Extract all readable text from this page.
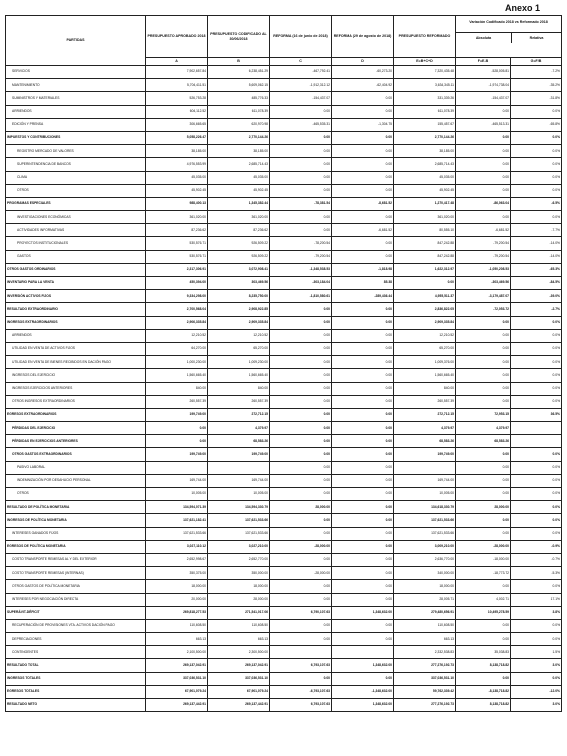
Anexo 1
PARTIDAS	PRESUPUESTO APROBADO 2018	PRESUPUESTO CODIFICADO AL 30/06/2018	REFORMA (16 de junio de 2018)	REFORMA (29 de agosto de 2018)	PRESUPUESTO REFORMADO	Variación Codificado 2018 vs Reformado 2018
Absoluta Relativa	

	A	B	C	D	E=B+C+D	F=E-B	G=F/B
SERVICIOS	7,902,657.84	6,238,451.29	-467,792.41	-60,273.20	7,320,435.48	-528,005.81	-7.2%
MANTENIMIENTO	5,704,411.51	5,609,062.15	-1,912,312.12	-62,404.92	3,634,345.11	-1,974,738.04	-35.2%
SUMINISTROS Y MATERIALES	526,753.28	485,776.33	-154,437.07	0.00	331,339.26	-154,437.07	-31.8%
ARRIENDOS	604,112.52	611,078.39	0.00	0.00	611,078.39	0.00	0.0%
EDICIÓN Y PRENSA	306,665.65	620,970.98	-465,535.31	-1,304.75	155,457.67	-465,513.31	-65.8%
IMPUESTOS Y CONTRIBUCIONES	5,058,226.47	2,770,144.26	0.00	0.00	2,770,144.26	0.00	0.0%
REGISTRO MERCADO DE VALORES	38,185.00	38,185.00	0.00	0.00	38,185.00	0.00	0.0%
SUPERINTENDENCIA DE BANCOS	4,976,553.99	2,685,714.43	0.00	0.00	2,685,714.43	0.00	0.0%
CLIMA	45,035.00	45,035.00	0.00	0.00	45,035.00	0.00	0.0%
OTROS	45,902.45	45,902.45	0.00	0.00	45,902.45	0.00	0.0%
PROGRAMAS ESPECIALES	988,400.13	1,345,382.44	-78,381.54	-8,681.52	1,270,417.48	-86,063.04	-6.5%
INVESTIGACIONES ECONÓMICAS	361,020.00	361,020.00	0.00	0.00	361,020.00	0.00	0.0%
ACTIVIDADES INFORMATIVAS	87,236.62	87,236.62	0.00	-6,681.52	80,555.10	-6,681.52	-7.7%
PROYECTOS INSTITUCIONALES	530,576.71	926,509.22	-78,200.54	0.00	847,242.88	-79,200.54	-14.0%
GASTOS	530,576.71	926,509.22	-79,200.54	0.00	847,242.88	-79,200.54	-14.0%
OTROS GASTOS ORDINARIOS	2,317,306.91	3,072,908.41	-1,348,538.53	-1,818.98	1,622,312.97	-1,050,208.53	-65.3%
INVENTARIO PARA LA VENTA	450,394.00	303,469.56	-303,184.04	85.38	0.00	-303,469.56	-84.5%
INVERSIÓN ACTIVOS FIJOS	9,334,298.00	8,235,750.00	-1,810,580.61	-289,436.44	4,955,511.37	-3,179,487.07	-39.0%
RESULTADO EXTRAORDINARIO	2,700,568.04	2,908,922.85	0.00	0.00	2,836,822.05	-72,053.72	-2.7%
INGRESOS EXTRAORDINARIOS	2,906,335.84	2,909,335.84	0.00	0.00	2,909,335.84	0.00	0.0%
ARRIENDOS	12,210.52	12,210.52	0.00	0.00	12,210.52	0.00	0.0%
UTILIDAD EN VENTA DE ACTIVOS FIJOS	64,270.00	65,270.00	0.00	0.00	65,270.00	0.00	0.0%
UTILIDAD EN VENTA DE BIENES RECIBIDOS EN DACIÓN PAGO	1,000,230.00	1,009,230.00	0.00	0.00	1,009,376.00	0.00	0.0%
INGRESOS DEL EJERCICIO	1,560,665.40	1,560,665.40	0.00	0.00	1,560,665.40	0.00	0.0%
INGRESOS EJERCICIOS ANTERIORES	840.00	840.00	0.00	0.00	840.00	0.00	0.0%
OTROS INGRESOS EXTRAORDINARIOS	260,557.39	260,557.39	0.00	0.00	260,557.39	0.00	0.0%
EGRESOS EXTRAORDINARIOS	199,749.00	272,712.15	0.00	0.00	272,712.15	72,953.15	36.5%
PÉRDIDAS DEL EJERCICIO	0.00	4,379.97	0.00	0.00	4,379.97	4,379.97	
PÉRDIDAS EN EJERCICIOS ANTERIORES	0.00	68,583.26	0.00	0.00	68,583.26	68,583.26	
OTROS GASTOS EXTRAORDINARIOS	199,749.00	199,749.00	0.00	0.00	199,749.00	0.00	0.0%
PASIVO LABORAL			0.00	0.00		0.00	0.0%
INDEMNIZACIÓN POR DESAHUCIO PERSONAL	169,744.00	169,744.00	0.00	0.00	169,744.00	0.00	0.0%
OTROS	10,005.00	10,005.00	0.00	0.00	10,005.00	0.00	0.0%
RESULTADO DE POLÍTICA MONETARIA	134,594,071.39	134,594,330.79	28,000.00	0.00	134,618,330.79	28,000.00	0.0%
INGRESOS DE POLÍTICA MONETARIA	137,621,182.41	137,621,533.66	0.00	0.00	137,621,533.66	0.00	0.0%
INTERESES GANADOS FIJOS	137,621,533.66	137,621,533.66	0.00	0.00	137,621,533.66	0.00	0.0%
EGRESOS DE POLÍTICA MONETARIA	3,027,110.12	3,027,210.00	-28,000.00	0.00	3,009,210.00	-28,000.00	-0.9%
COSTO TRANSPORTE REMESAS AL Y DEL EXTERIOR	2,652,998.67	2,652,770.00	0.00	0.00	2,636,770.00	-18,000.00	-0.7%
COSTO TRANSPORTE REMESAS (INTERNAS)	350,375.00	350,000.00	-28,000.00	0.00	340,000.00	-18,773.72	-5.3%
OTROS GASTOS DE POLÍTICA MONETARIA	18,000.00	18,000.00	0.00	0.00	18,000.00	0.00	0.0%
INTERESES POR NEGOCIACIÓN DIRECTA	20,000.00	28,000.00	0.00	0.00	28,005.71	4,002.71	17.1%
SUPERÁVIT-DÉFICIT	269,818,277.53	271,541,017.06	6,790,107.63	1,348,632.00	279,480,656.91	10,495,278.59	3.8%
RECUPERACIÓN DE PROVISIONES VTA. ACTIVOS DACIÓN PAGO	110,608.50	110,608.50	0.00	0.00	110,608.50	0.00	0.0%
DEPRECIACIONES	663.13	663.13	0.00	0.00	663.13	0.00	0.0%
CONTINGENTES	2,100,500.00	2,300,500.00			2,332,538.83	35,038.83	1.5%
RESULTADO TOTAL	269,137,042.91	269,137,042.91	6,793,107.63	1,348,632.00	277,276,192.73	8,138,718.82	3.0%
INGRESOS TOTALES	337,036,531.10	337,036,531.10	0.00	0.00	337,036,531.10	0.00	0.0%
EGRESOS TOTALES	67,901,079.24	67,901,079.24	-6,793,107.63	-1,348,632.00	59,762,339.42	-8,138,718.82	-12.0%
RESULTADO NETO	269,137,442.91	269,137,442.91	6,793,107.63	1,348,632.00	277,276,192.73	8,138,718.82	3.0%
